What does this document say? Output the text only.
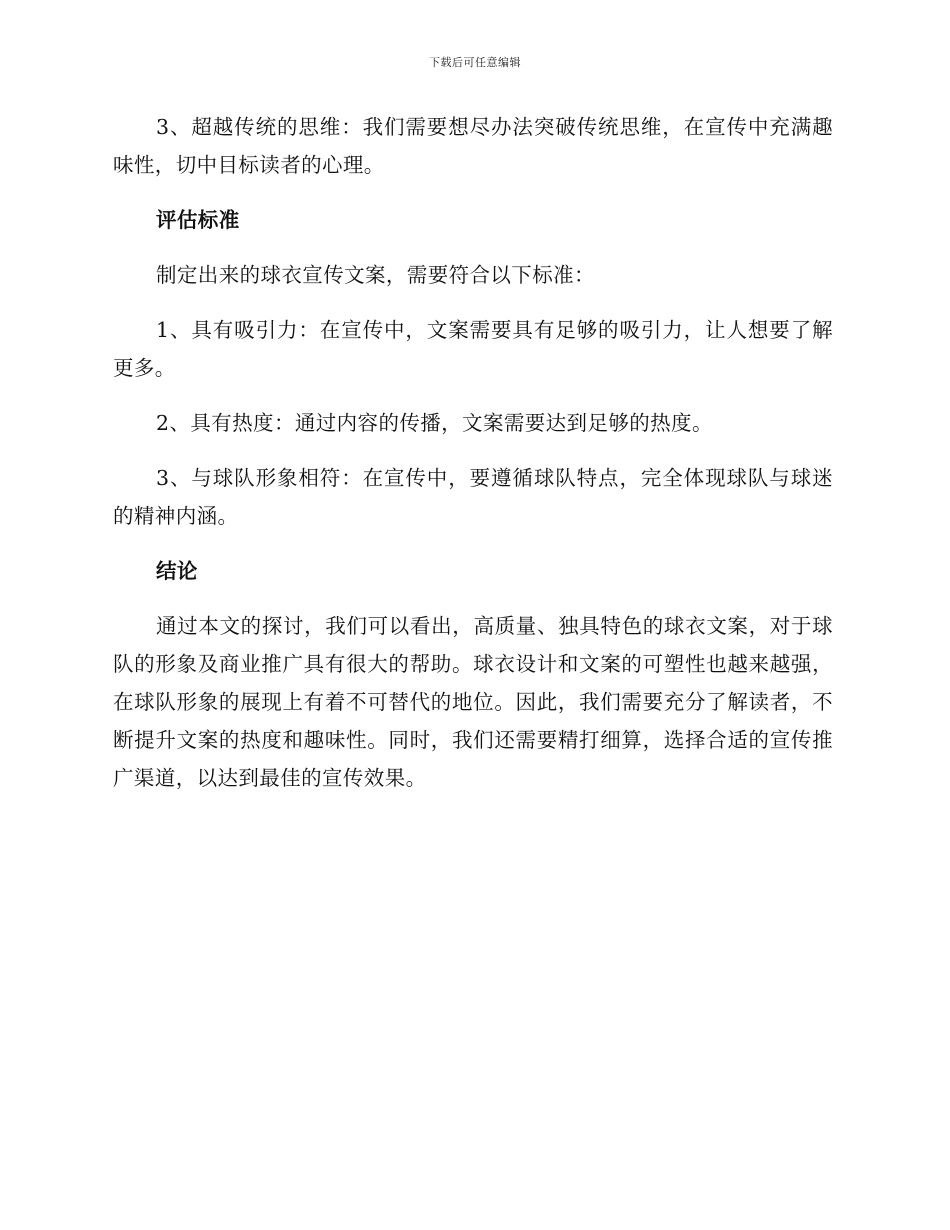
下载后可任意编辑

3、超越传统的思维：我们需要想尽办法突破传统思维，在宣传中充满趣味性，切中目标读者的心理。

评估标准

制定出来的球衣宣传文案，需要符合以下标准：

1、具有吸引力：在宣传中，文案需要具有足够的吸引力，让人想要了解更多。

2、具有热度：通过内容的传播，文案需要达到足够的热度。

3、与球队形象相符：在宣传中，要遵循球队特点，完全体现球队与球迷的精神内涵。

结论

通过本文的探讨，我们可以看出，高质量、独具特色的球衣文案，对于球队的形象及商业推广具有很大的帮助。球衣设计和文案的可塑性也越来越强，在球队形象的展现上有着不可替代的地位。因此，我们需要充分了解读者，不断提升文案的热度和趣味性。同时，我们还需要精打细算，选择合适的宣传推广渠道，以达到最佳的宣传效果。
